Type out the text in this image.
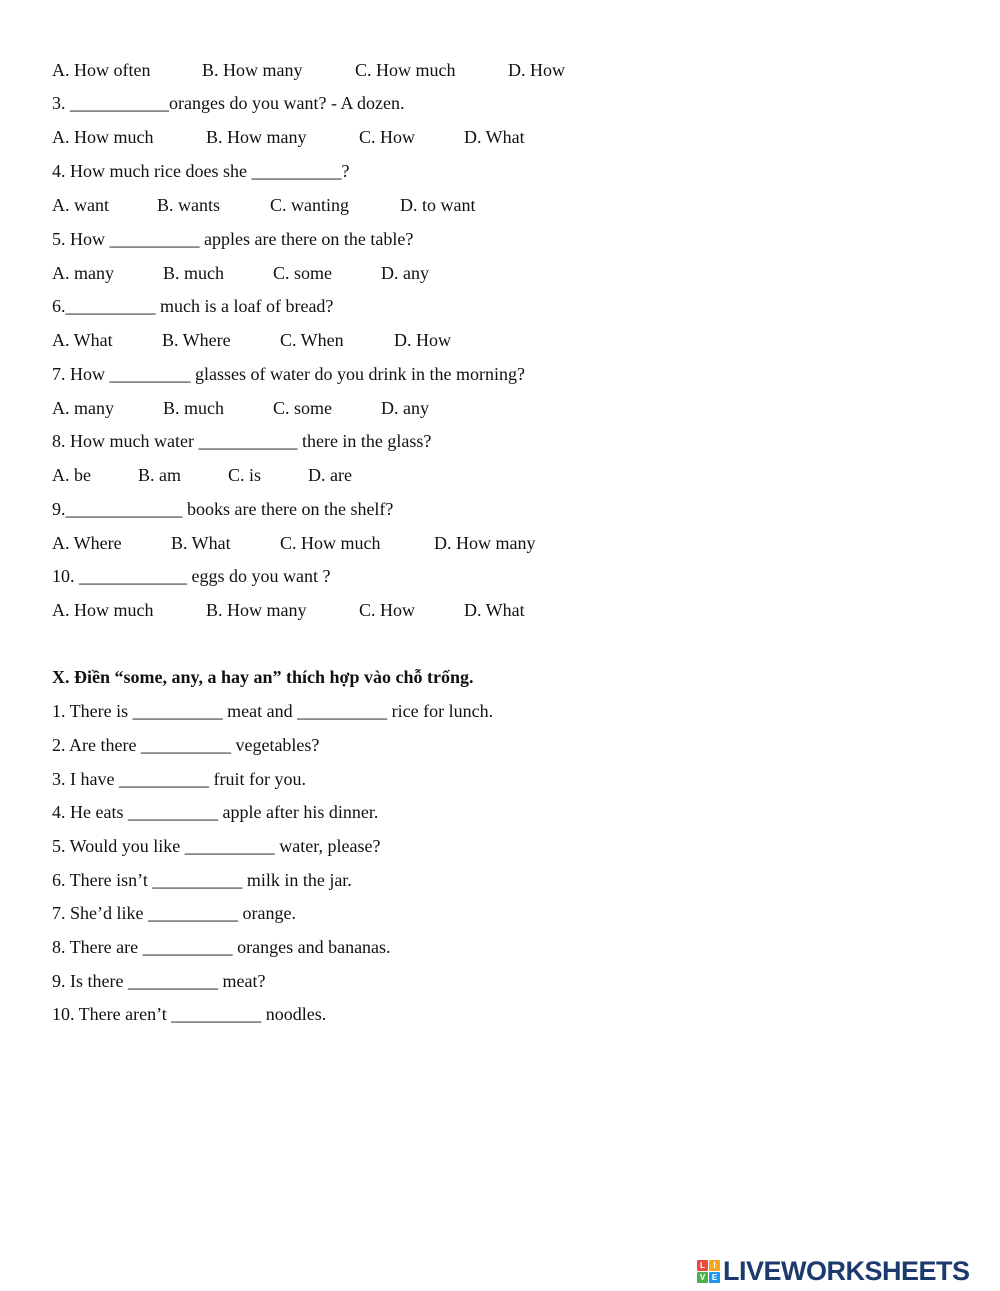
A. How often	B. How many	C. How much	D. How

3. ___________oranges do you want? - A dozen.

A. How much	B. How many	C. How	D. What

4. How much rice does she __________?

A. want	B. wants	C. wanting	D. to want

5. How __________ apples are there on the table?

A. many	B. much	C. some	D. any

6.__________ much is a loaf of bread?

A. What	B. Where	C. When	D. How

7. How _________ glasses of water do you drink in the morning?

A. many	B. much	C. some	D. any

8. How much water ___________ there in the glass?

A. be	B. am	C. is	D. are

9._____________ books are there on the shelf?

A. Where	B. What	C. How much	D. How many

10. ____________ eggs do you want ?

A. How much	B. How many	C. How	D. What

X. Điền “some, any, a hay an” thích hợp vào chỗ trống.

1. There is __________ meat and __________ rice for lunch.

2. Are there __________ vegetables?

3. I have __________ fruit for you.

4. He eats __________ apple after his dinner.

5. Would you like __________ water, please?

6. There isn’t __________ milk in the jar.

7. She’d like __________ orange.

8. There are __________ oranges and bananas.

9. Is there __________ meat?

10. There aren’t __________ noodles.

L	I
V E LIVEWORKSHEETS
